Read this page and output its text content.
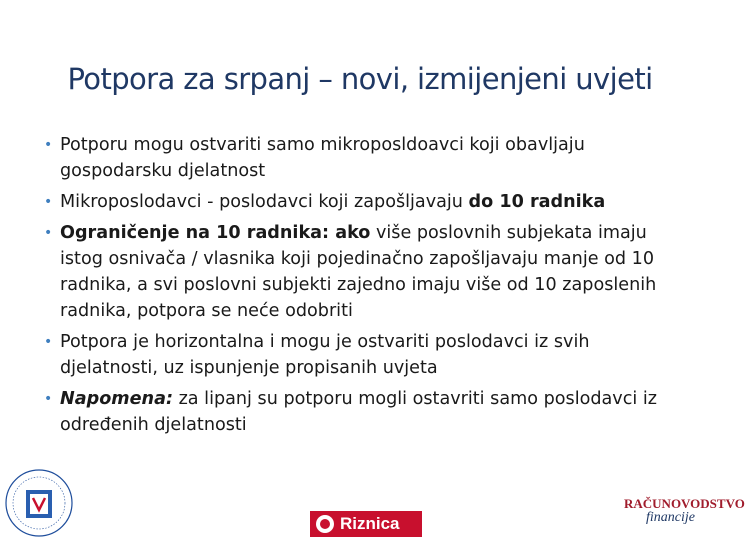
Potpora za srpanj – novi, izmijenjeni uvjeti
• Potporu mogu ostvariti samo mikroposldoavci koji obavljaju gospodarsku djelatnost
• Mikroposlodavci - poslodavci koji zapošljavaju do 10 radnika
• Ograničenje na 10 radnika: ako više poslovnih subjekata imaju istog osnivača / vlasnika koji pojedinačno zapošljavaju manje od 10 radnika, a svi poslovni subjekti zajedno imaju više od 10 zaposlenih radnika, potpora se neće odobriti
• Potpora je horizontalna i mogu je ostvariti poslodavci iz svih djelatnosti, uz ispunjenje propisanih uvjeta
• Napomena: za lipanj su potporu mogli ostavriti samo poslodavci iz određenih djelatnosti
Riznica
RAČUNOVODSTVO
financije
